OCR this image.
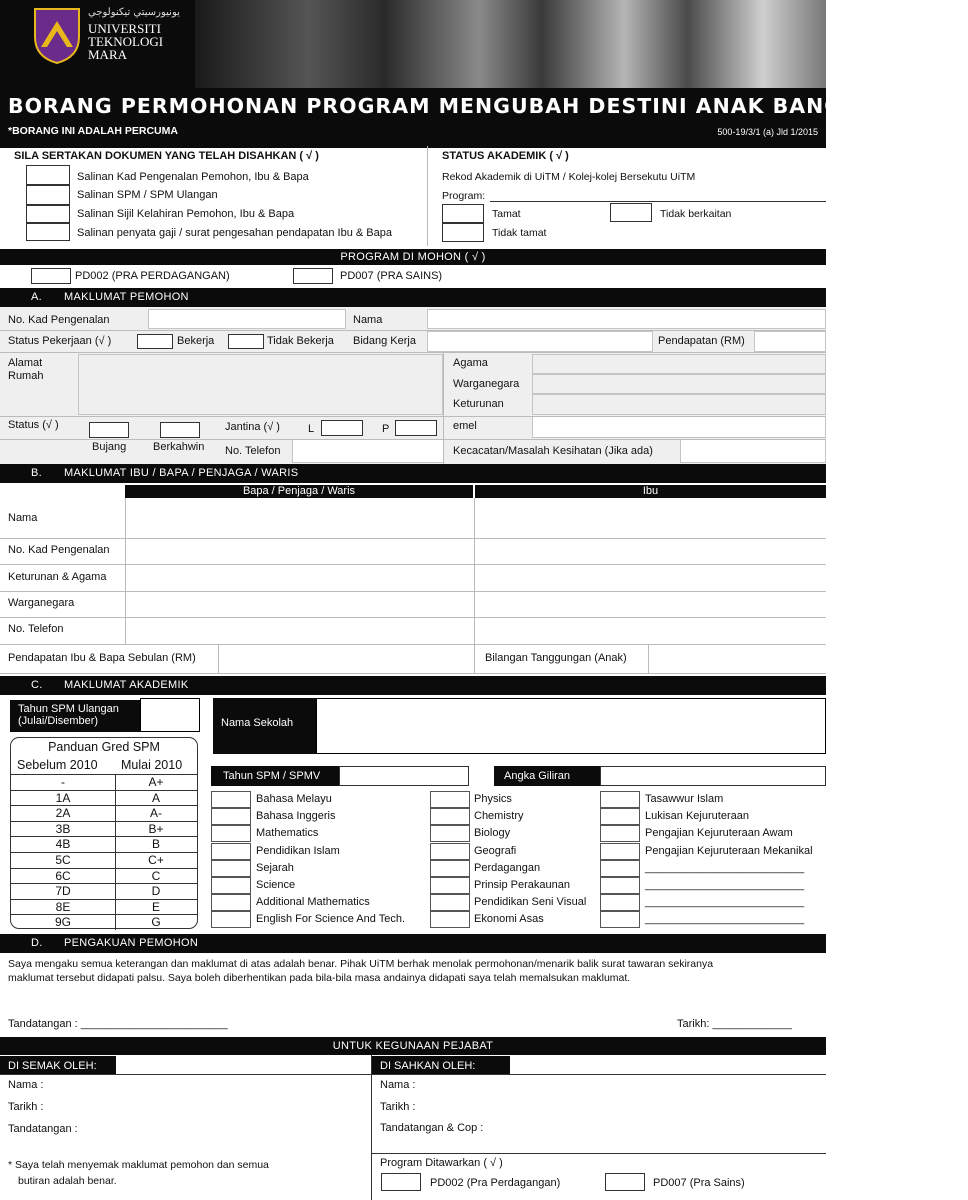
ﯾﻮﻧﯿﻮﺭﺳﯿﺘﻲ ﺗﯿﻜﻨﻮﻟﻮﺟﻲ
UNIVERSITI TEKNOLOGI MARA
BORANG PERMOHONAN PROGRAM MENGUBAH DESTINI ANAK BANGSA(MDAB)
*BORANG INI ADALAH PERCUMA	500-19/3/1 (a) Jld 1/2015
SILA SERTAKAN DOKUMEN YANG TELAH DISAHKAN ( √ )
Salinan Kad Pengenalan Pemohon, Ibu & Bapa
Salinan SPM / SPM Ulangan
Salinan Sijil Kelahiran Pemohon, Ibu & Bapa
Salinan penyata gaji / surat pengesahan pendapatan Ibu & Bapa
STATUS AKADEMIK ( √ )
Rekod Akademik di UiTM / Kolej-kolej Bersekutu UiTM
Program:
Tamat
Tidak tamat
Tidak berkaitan
PROGRAM DI MOHON ( √ )
PD002 (PRA PERDAGANGAN)	PD007 (PRA SAINS)
A. MAKLUMAT PEMOHON
No. Kad Pengenalan	Nama
Status Pekerjaan (√ )	Bekerja	Tidak Bekerja Bidang Kerja	Pendapatan (RM)
Alamat
Rumah
Agama
Warganegara
Keturunan
Status (√ )
Bujang Berkahwin
Jantina (√ )	L	P	emel
No. Telefon	Kecacatan/Masalah Kesihatan (Jika ada)
B. MAKLUMAT IBU / BAPA / PENJAGA / WARIS
Bapa / Penjaga / Waris	Ibu
Nama
No. Kad Pengenalan
Keturunan & Agama
Warganegara
No. Telefon
Pendapatan Ibu & Bapa Sebulan (RM)	Bilangan Tanggungan (Anak)
C. MAKLUMAT AKADEMIK
Tahun SPM Ulangan
(Julai/Disember)	Nama Sekolah
Panduan Gred SPM
Sebelum 2010 Mulai 2010
-	A+
1A	A
2A	A-
3B	B+
4B	B
5C	C+
6C	C
7D	D
8E	E
9G	G
Tahun SPM / SPMV	Angka Giliran
Bahasa Melayu
Bahasa Inggeris
Mathematics
Pendidikan Islam
Sejarah
Science
Additional Mathematics
English For Science And Tech.
Physics
Chemistry
Biology
Geografi
Perdagangan
Prinsip Perakaunan
Pendidikan Seni Visual
Ekonomi Asas
Tasawwur Islam
Lukisan Kejuruteraan
Pengajian Kejuruteraan Awam
Pengajian Kejuruteraan Mekanikal
__________________________
__________________________
__________________________
__________________________
D. PENGAKUAN PEMOHON
Saya mengaku semua keterangan dan maklumat di atas adalah benar. Pihak UiTM berhak menolak permohonan/menarik balik surat tawaran sekiranya
maklumat tersebut didapati palsu. Saya boleh diberhentikan pada bila-bila masa andainya didapati saya telah memalsukan maklumat.
Tandatangan : ________________________	Tarikh: _____________
UNTUK KEGUNAAN PEJABAT
DI SEMAK OLEH:	DI SAHKAN OLEH:
Nama :
Tarikh :
Tandatangan :
* Saya telah menyemak maklumat pemohon dan semua
butiran adalah benar.
Nama :
Tarikh :
Tandatangan & Cop :
Program Ditawarkan ( √ )
PD002 (Pra Perdagangan)	PD007 (Pra Sains)
